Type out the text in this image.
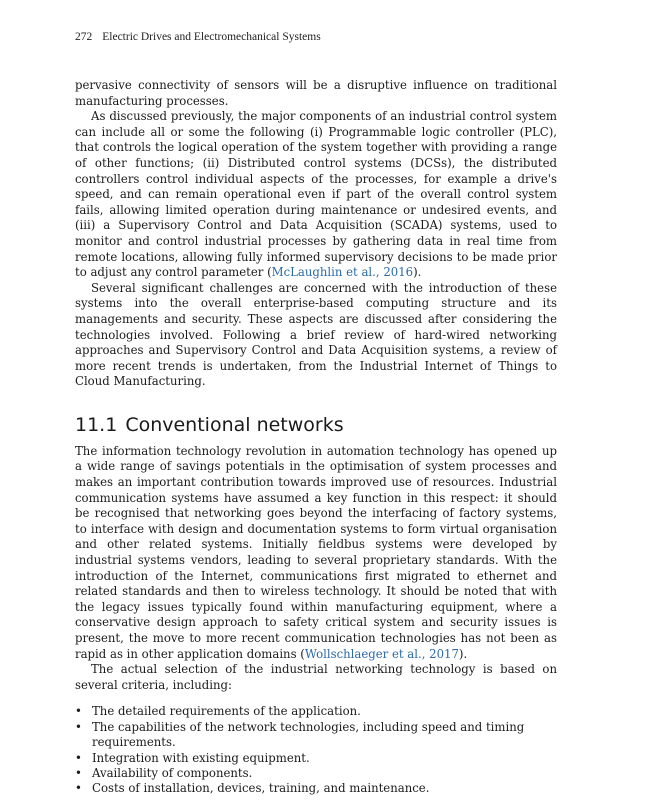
272 Electric Drives and Electromechanical Systems

pervasive connectivity of sensors will be a disruptive influence on traditional manufacturing processes.

As discussed previously, the major components of an industrial control system can include all or some the following (i) Programmable logic controller (PLC), that controls the logical operation of the system together with providing a range of other functions; (ii) Distributed control systems (DCSs), the distributed controllers control individual aspects of the processes, for example a drive's speed, and can remain operational even if part of the overall control system fails, allowing limited operation during maintenance or undesired events, and (iii) a Supervisory Control and Data Acquisition (SCADA) systems, used to monitor and control industrial processes by gathering data in real time from remote locations, allowing fully informed supervisory decisions to be made prior to adjust any control parameter (McLaughlin et al., 2016).

Several significant challenges are concerned with the introduction of these systems into the overall enterprise-based computing structure and its managements and security. These aspects are discussed after considering the technologies involved. Following a brief review of hard-wired networking approaches and Supervisory Control and Data Acquisition systems, a review of more recent trends is undertaken, from the Industrial Internet of Things to Cloud Manufacturing.

11.1 Conventional networks

The information technology revolution in automation technology has opened up a wide range of savings potentials in the optimisation of system processes and makes an important contribution towards improved use of resources. Industrial communication systems have assumed a key function in this respect: it should be recognised that networking goes beyond the interfacing of factory systems, to interface with design and documentation systems to form virtual organisation and other related systems. Initially fieldbus systems were developed by industrial systems vendors, leading to several proprietary standards. With the introduction of the Internet, communications first migrated to ethernet and related standards and then to wireless technology. It should be noted that with the legacy issues typically found within manufacturing equipment, where a conservative design approach to safety critical system and security issues is present, the move to more recent communication technologies has not been as rapid as in other application domains (Wollschlaeger et al., 2017).

The actual selection of the industrial networking technology is based on several criteria, including:

• The detailed requirements of the application.
• The capabilities of the network technologies, including speed and timing requirements.
• Integration with existing equipment.
• Availability of components.
• Costs of installation, devices, training, and maintenance.
